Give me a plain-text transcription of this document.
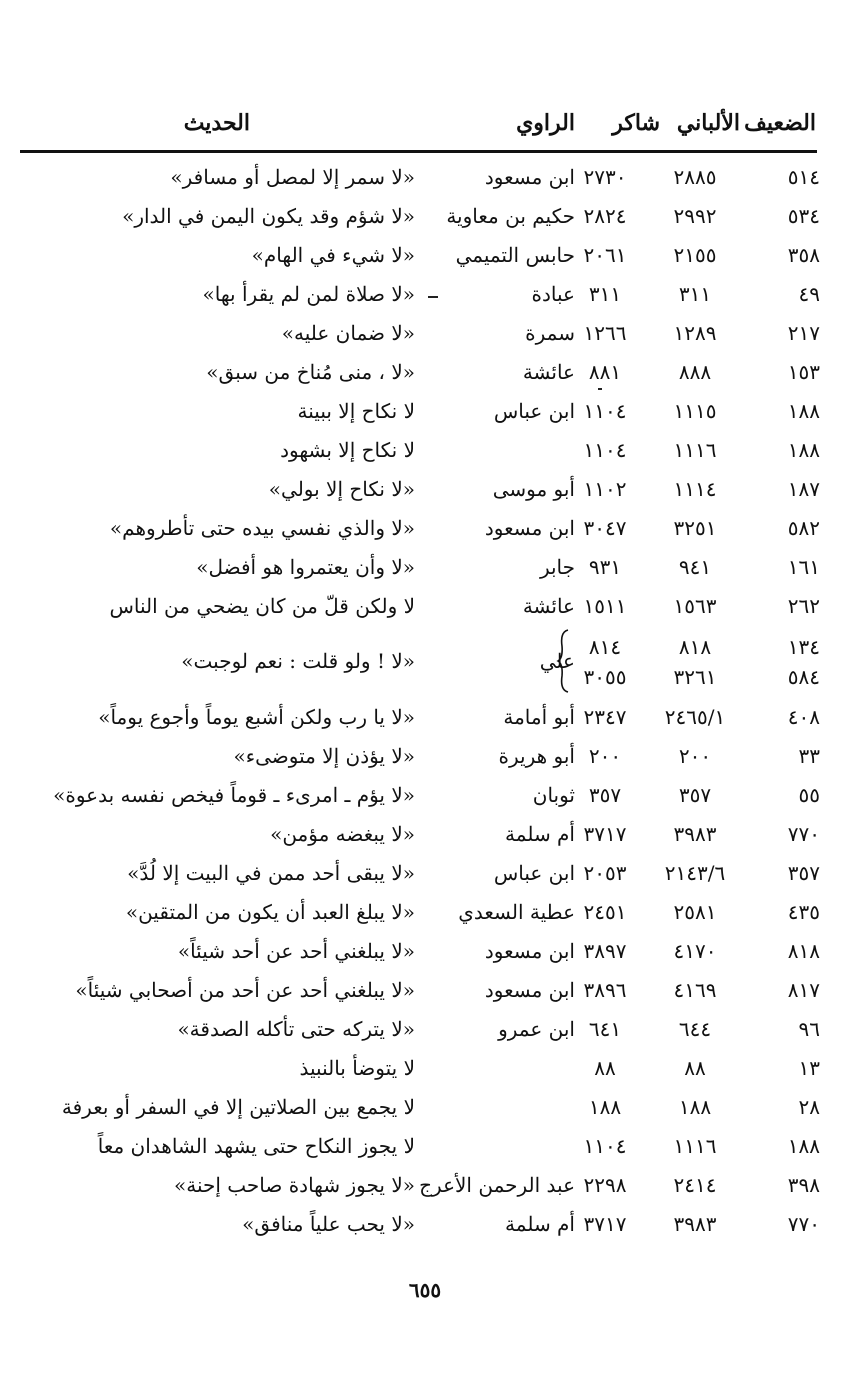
الضعيف
الألباني
شاكر
الراوي
الحديث
٥١٤
٢٨٨٥
٢٧٣٠
ابن مسعود
«لا سمر إلا لمصل أو مسافر»
٥٣٤
٢٩٩٢
٢٨٢٤
حكيم بن معاوية
«لا شؤم وقد يكون اليمن في الدار»
٣٥٨
٢١٥٥
٢٠٦١
حابس التميمي
«لا شيء في الهام»
٤٩
٣١١
٣١١
عبادة
«لا صلاة لمن لم يقرأ بها»
٢١٧
١٢٨٩
١٢٦٦
سمرة
«لا ضمان عليه»
١٥٣
٨٨٨
٨٨١
عائشة
«لا ، منى مُناخ من سبق»
١٨٨
١١١٥
١١٠٤
ابن عباس
لا نكاح إلا ببينة
١٨٨
١١١٦
١١٠٤
لا نكاح إلا بشهود
١٨٧
١١١٤
١١٠٢
أبو موسى
«لا نكاح إلا بولي»
٥٨٢
٣٢٥١
٣٠٤٧
ابن مسعود
«لا والذي نفسي بيده حتى تأطروهم»
١٦١
٩٤١
٩٣١
جابر
«لا وأن يعتمروا هو أفضل»
٢٦٢
١٥٦٣
١٥١١
عائشة
لا ولكن قلّ من كان يضحي من الناس
١٣٤
٨١٨
٨١٤
٥٨٤
٣٢٦١
٣٠٥٥
علي
«لا ! ولو قلت : نعم لوجبت»
٤٠٨
٢٤٦٥/١
٢٣٤٧
أبو أمامة
«لا يا رب ولكن أشبع يوماً وأجوع يوماً»
٣٣
٢٠٠
٢٠٠
أبو هريرة
«لا يؤذن إلا متوضىء»
٥٥
٣٥٧
٣٥٧
ثوبان
«لا يؤم ـ امرىء ـ قوماً فيخص نفسه بدعوة»
٧٧٠
٣٩٨٣
٣٧١٧
أم سلمة
«لا يبغضه مؤمن»
٣٥٧
٢١٤٣/٦
٢٠٥٣
ابن عباس
«لا يبقى أحد ممن في البيت إلا لُدَّ»
٤٣٥
٢٥٨١
٢٤٥١
عطية السعدي
«لا يبلغ العبد أن يكون من المتقين»
٨١٨
٤١٧٠
٣٨٩٧
ابن مسعود
«لا يبلغني أحد عن أحد شيئاً»
٨١٧
٤١٦٩
٣٨٩٦
ابن مسعود
«لا يبلغني أحد عن أحد من أصحابي شيئاً»
٩٦
٦٤٤
٦٤١
ابن عمرو
«لا يتركه حتى تأكله الصدقة»
١٣
٨٨
٨٨
لا يتوضأ بالنبيذ
٢٨
١٨٨
١٨٨
لا يجمع بين الصلاتين إلا في السفر أو بعرفة
١٨٨
١١١٦
١١٠٤
لا يجوز النكاح حتى يشهد الشاهدان معاً
٣٩٨
٢٤١٤
٢٢٩٨
عبد الرحمن الأعرج
«لا يجوز شهادة صاحب إحنة»
٧٧٠
٣٩٨٣
٣٧١٧
أم سلمة
«لا يحب علياً منافق»
٦٥٥
